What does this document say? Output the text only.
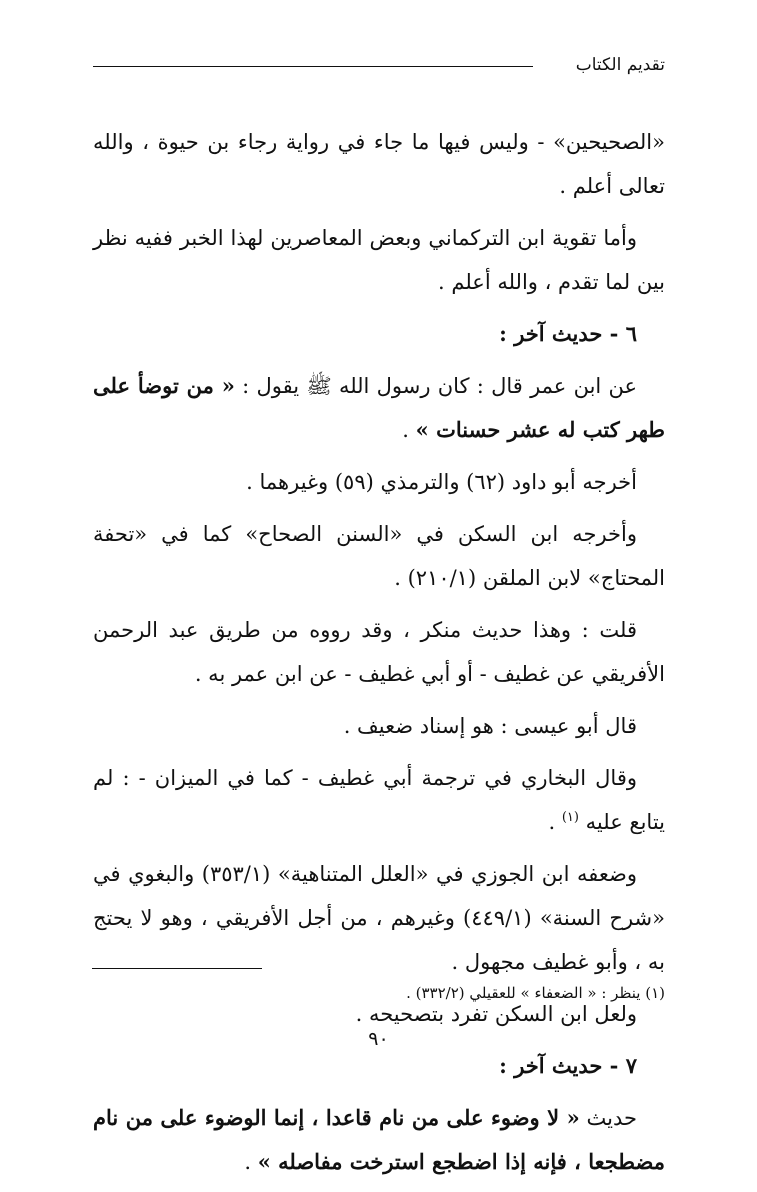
تقديم الكتاب

«الصحيحين» - وليس فيها ما جاء في رواية رجاء بن حيوة ، والله تعالى أعلم .

وأما تقوية ابن التركماني وبعض المعاصرين لهذا الخبر ففيه نظر بين لما تقدم ، والله أعلم .

٦ - حديث آخر :

عن ابن عمر قال : كان رسول الله ﷺ يقول : « من توضأ على طهر كتب له عشر حسنات » .

أخرجه أبو داود (٦٢) والترمذي (٥٩) وغيرهما .

وأخرجه ابن السكن في «السنن الصحاح» كما في «تحفة المحتاج» لابن الملقن (٢١٠/١) .

قلت : وهذا حديث منكر ، وقد رووه من طريق عبد الرحمن الأفريقي عن غطيف - أو أبي غطيف - عن ابن عمر به .

قال أبو عيسى : هو إسناد ضعيف .

وقال البخاري في ترجمة أبي غطيف - كما في الميزان - : لم يتابع عليه $^{(١)}$ .

وضعفه ابن الجوزي في «العلل المتناهية» (٣٥٣/١) والبغوي في «شرح السنة» (٤٤٩/١) وغيرهم ، من أجل الأفريقي ، وهو لا يحتج به ، وأبو غطيف مجهول .

ولعل ابن السكن تفرد بتصحيحه .

٧ - حديث آخر :

حديث « لا وضوء على من نام قاعدا ، إنما الوضوء على من نام مضطجعا ، فإنه إذا اضطجع استرخت مفاصله » .

(١) ينظر : « الضعفاء » للعقيلي (٣٣٢/٢) .
٩٠
